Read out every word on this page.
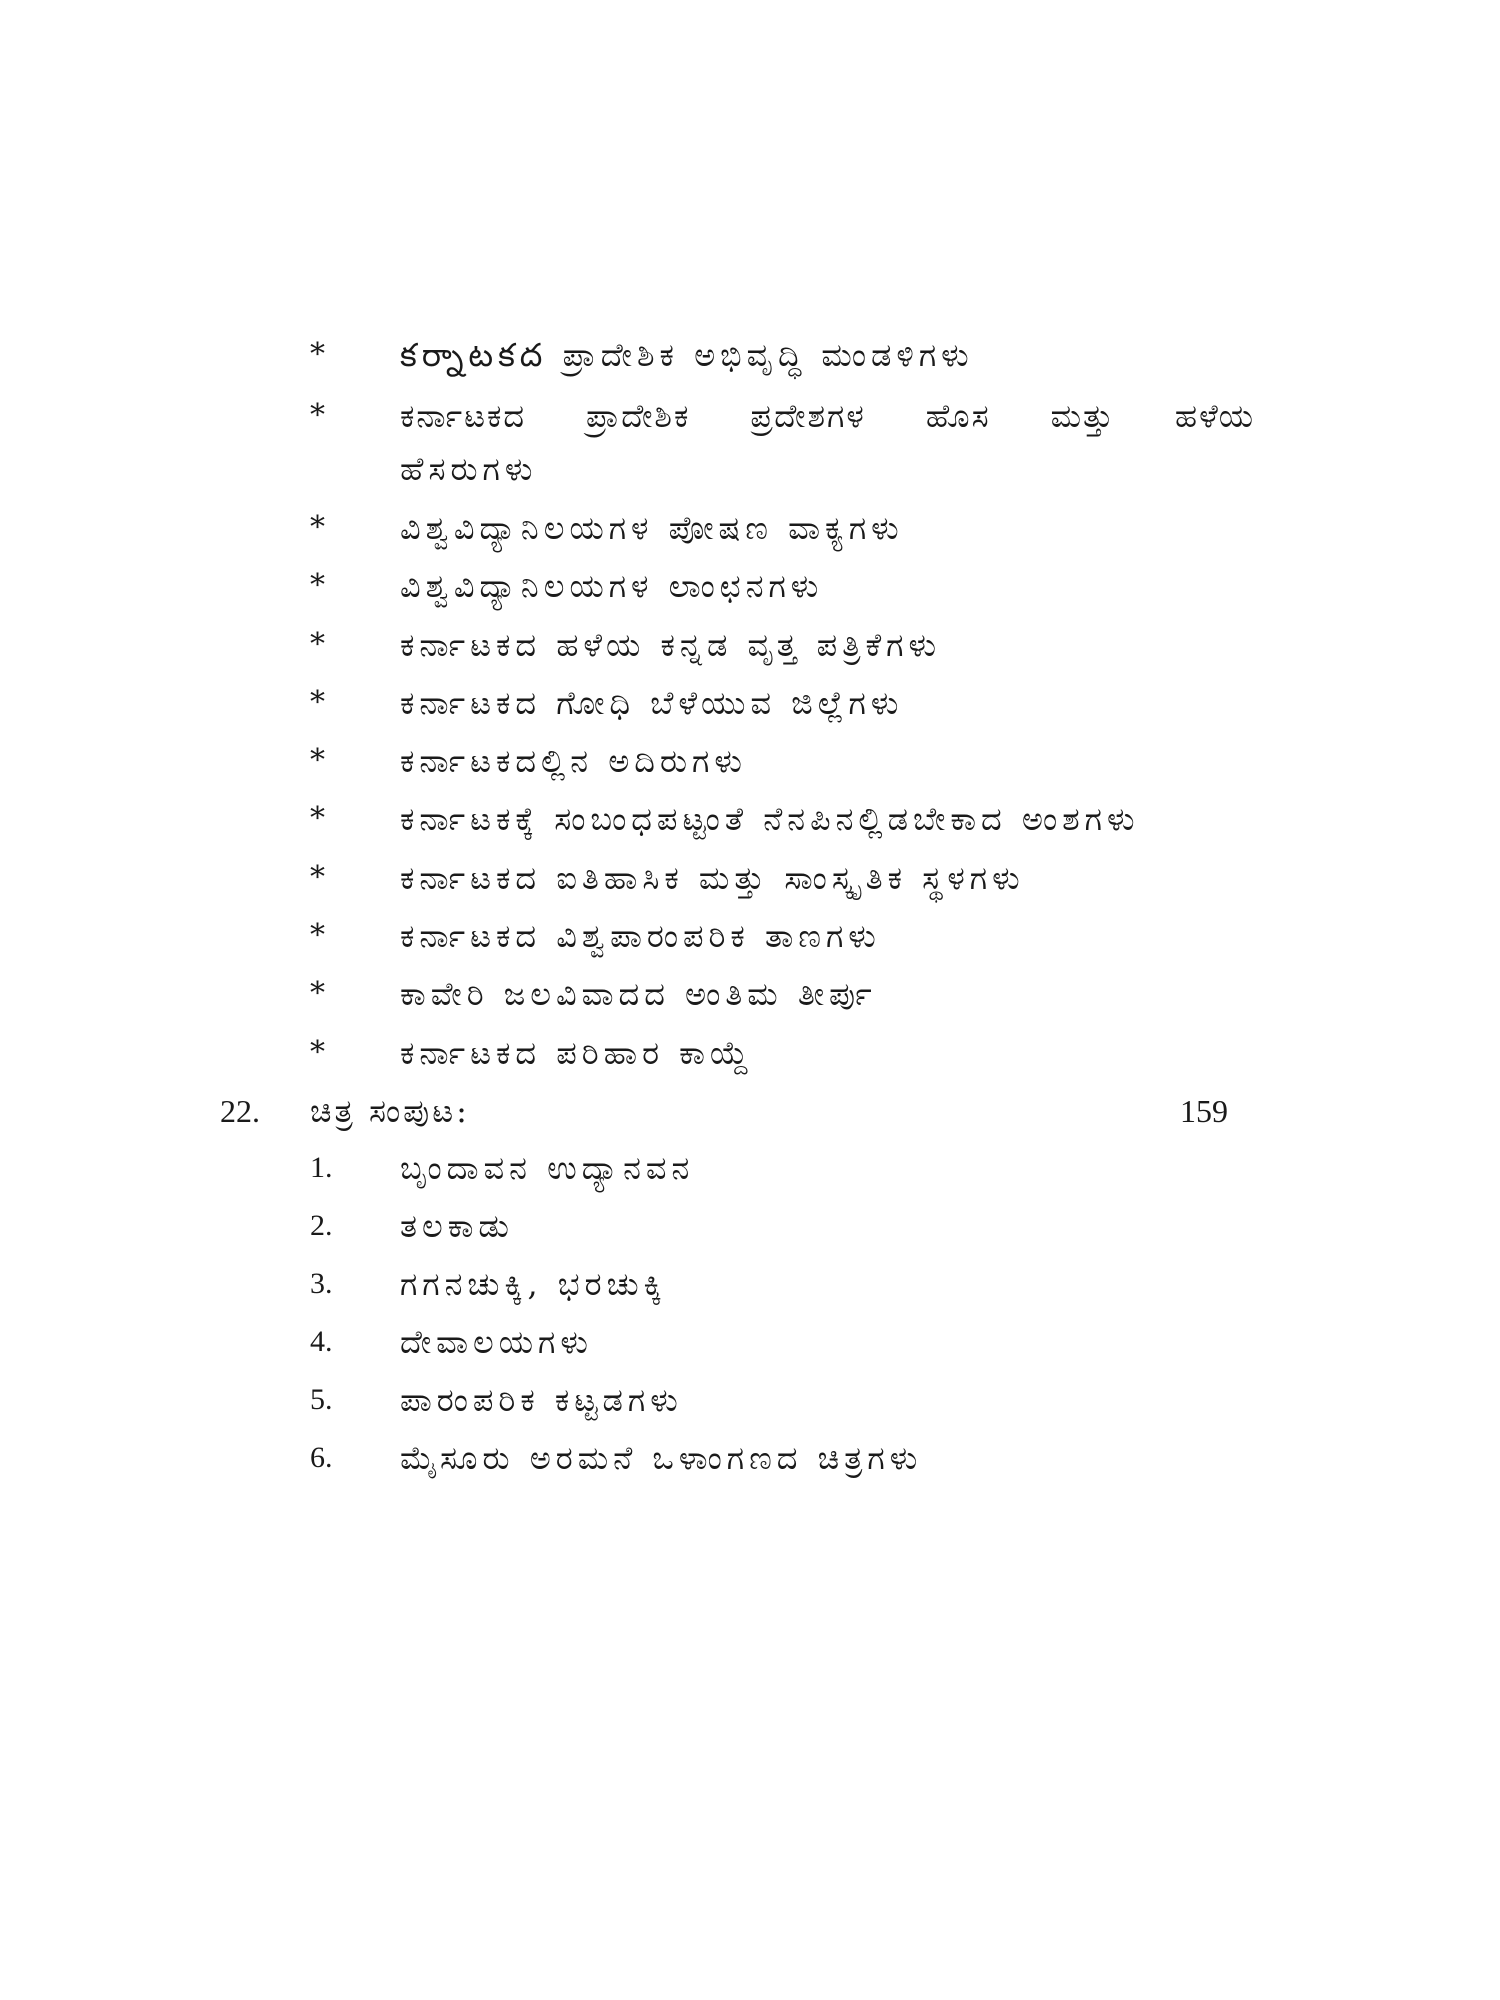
*	కర్నాటకద ಪ್ರಾದೇಶಿಕ ಅಭಿವೃದ್ಧಿ ಮಂಡಳಿಗಳು
*	ಕರ್ನಾಟಕದ ಪ್ರಾದೇಶಿಕ ಪ್ರದೇಶಗಳ ಹೊಸ ಮತ್ತು ಹಳೆಯ
ಹೆಸರುಗಳು
*	ವಿಶ್ವವಿದ್ಯಾನಿಲಯಗಳ ಪೋಷಣ ವಾಕ್ಯಗಳು
*	ವಿಶ್ವವಿದ್ಯಾನಿಲಯಗಳ ಲಾಂಛನಗಳು
*	ಕರ್ನಾಟಕದ ಹಳೆಯ ಕನ್ನಡ ವೃತ್ತ ಪತ್ರಿಕೆಗಳು
*	ಕರ್ನಾಟಕದ ಗೋಧಿ ಬೆಳೆಯುವ ಜಿಲ್ಲೆಗಳು
*	ಕರ್ನಾಟಕದಲ್ಲಿನ ಅದಿರುಗಳು
*	ಕರ್ನಾಟಕಕ್ಕೆ ಸಂಬಂಧಪಟ್ಟಂತೆ ನೆನಪಿನಲ್ಲಿಡಬೇಕಾದ ಅಂಶಗಳು
*	ಕರ್ನಾಟಕದ ಐತಿಹಾಸಿಕ ಮತ್ತು ಸಾಂಸ್ಕೃತಿಕ ಸ್ಥಳಗಳು
*	ಕರ್ನಾಟಕದ ವಿಶ್ವಪಾರಂಪರಿಕ ತಾಣಗಳು
*	ಕಾವೇರಿ ಜಲವಿವಾದದ ಅಂತಿಮ ತೀರ್ಪು
*	ಕರ್ನಾಟಕದ ಪರಿಹಾರ ಕಾಯ್ದೆ
22. ಚಿತ್ರ ಸಂಪುಟ:	159
1.	ಬೃಂದಾವನ ಉದ್ಯಾನವನ
2.	ತಲಕಾಡು
3.	ಗಗನಚುಕ್ಕಿ, ಭರಚುಕ್ಕಿ
4.	ದೇವಾಲಯಗಳು
5.	ಪಾರಂಪರಿಕ ಕಟ್ಟಡಗಳು
6.	ಮೈಸೂರು ಅರಮನೆ ಒಳಾಂಗಣದ ಚಿತ್ರಗಳು
